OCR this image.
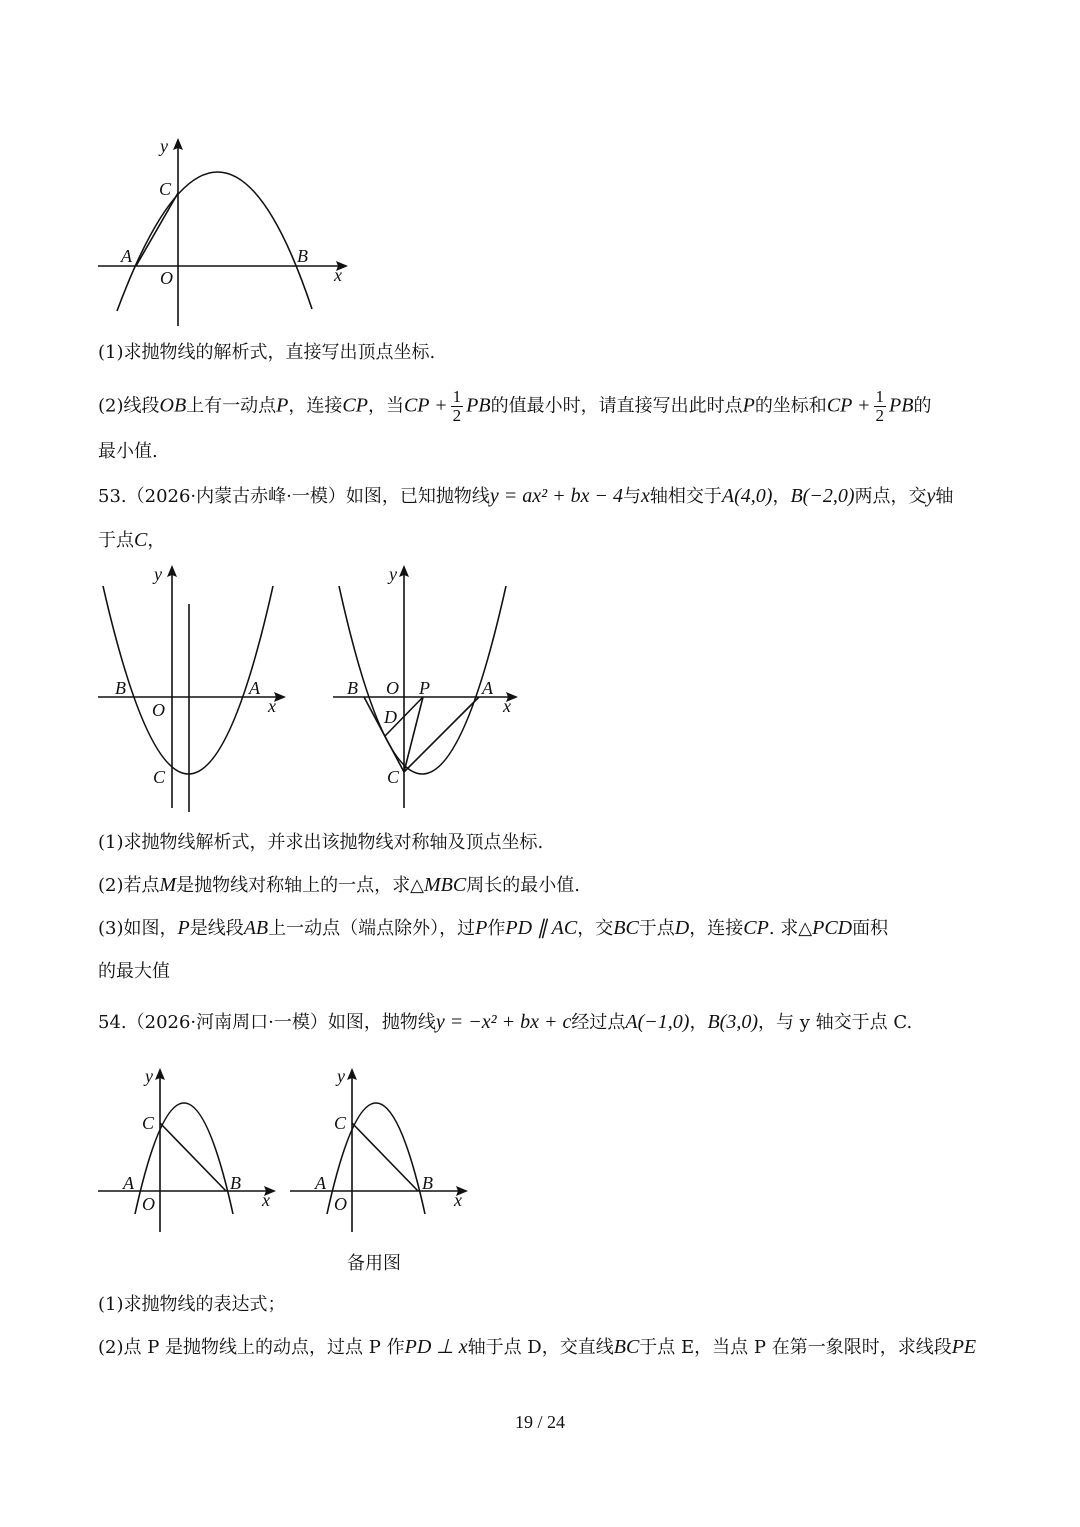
y
x
C
A
O
B
(1)求抛物线的解析式，直接写出顶点坐标.
(2)线段OB上有一动点P，连接CP，当CP + $\frac{1}{2}$ PB的值最小时，请直接写出此时点P的坐标和CP + $\frac{1}{2}$ PB的
最小值.
53.（2026·内蒙古赤峰·一模）如图，已知抛物线y = ax² + bx − 4与x轴相交于A(4,0)，B(−2,0)两点，交y轴
于点C，
y
B	A
x
O
C
y
B O P	A
x
D
C
(1)求抛物线解析式，并求出该抛物线对称轴及顶点坐标.
(2)若点M是抛物线对称轴上的一点，求△MBC周长的最小值.
(3)如图，P是线段AB上一动点（端点除外），过P作PD ∥ AC，交BC于点D，连接CP. 求△PCD面积
的最大值
54.（2026·河南周口·一模）如图，抛物线y = −x² + bx + c经过点A(−1,0)，B(3,0)，与 y 轴交于点 C.
y
C
A
O
B
x
y
C
A
O
B
x
备用图
(1)求抛物线的表达式；
(2)点 P 是抛物线上的动点，过点 P 作PD ⊥ x轴于点 D，交直线BC于点 E，当点 P 在第一象限时，求线段PE
19 / 24
